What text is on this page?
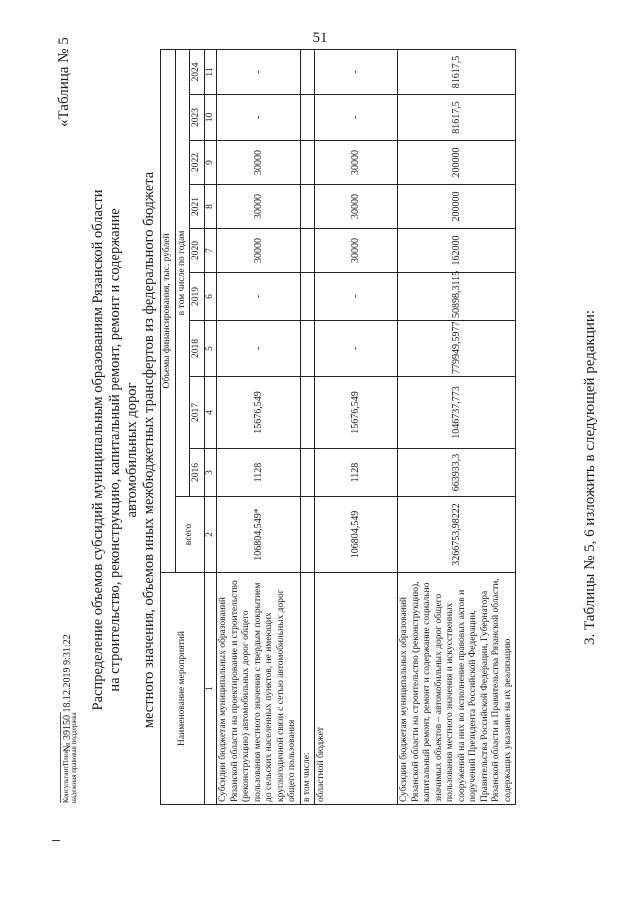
51
3. Таблицы № 5, 6 изложить в следующей редакции:
«Таблица № 5
Распределение объемов субсидий муниципальным образованиям Рязанской области на строительство, реконструкцию, капитальный ремонт, ремонт и содержание автомобильных дорог местного значения, объемов иных межбюджетных трансфертов из федерального бюджета Наименование мероприятий	Объемы финансирования, тыс. рублей									
	всего	в том числе по годам								
		2016	2017	2018	2019	2020	2021	2022	2023	2024
1	2	3	4	5	6	7	8	9	10	11
Субсидии бюджетам муниципальных образований Рязанской области на проектирование и строительство (реконструкцию) автомобильных дорог общего пользования местного значения с твердым покрытием до сельских населенных пунктов, не имеющих круглогодичной связи с сетью автомобильных дорог общего пользования	106804,549*	1128	15676,549	-	-	30000	30000	30000	-	-
в том числе:										
областной бюджет	106804,549	1128	15676,549	-	-	30000	30000	30000	-	-
Субсидии бюджетам муниципальных образований Рязанской области на строительство (реконструкцию), капитальный ремонт, ремонт и содержание социально значимых объектов – автомобильных дорог общего пользования местного значения и искусственных сооружений на них во исполнение правовых актов и поручений Президента Российской Федерации, Правительства Российской Федерации, Губернатора Рязанской области и Правительства Рязанской области, содержащих указание на их реализацию	3266753,98222	663933,3	1046737,773	779949,5977	50898,3115	162000	200000	200000	81617,5	81617,5
КонсультантПлюс надежная правовая поддержка
№ 39150 18.12.2019 9:31:22
